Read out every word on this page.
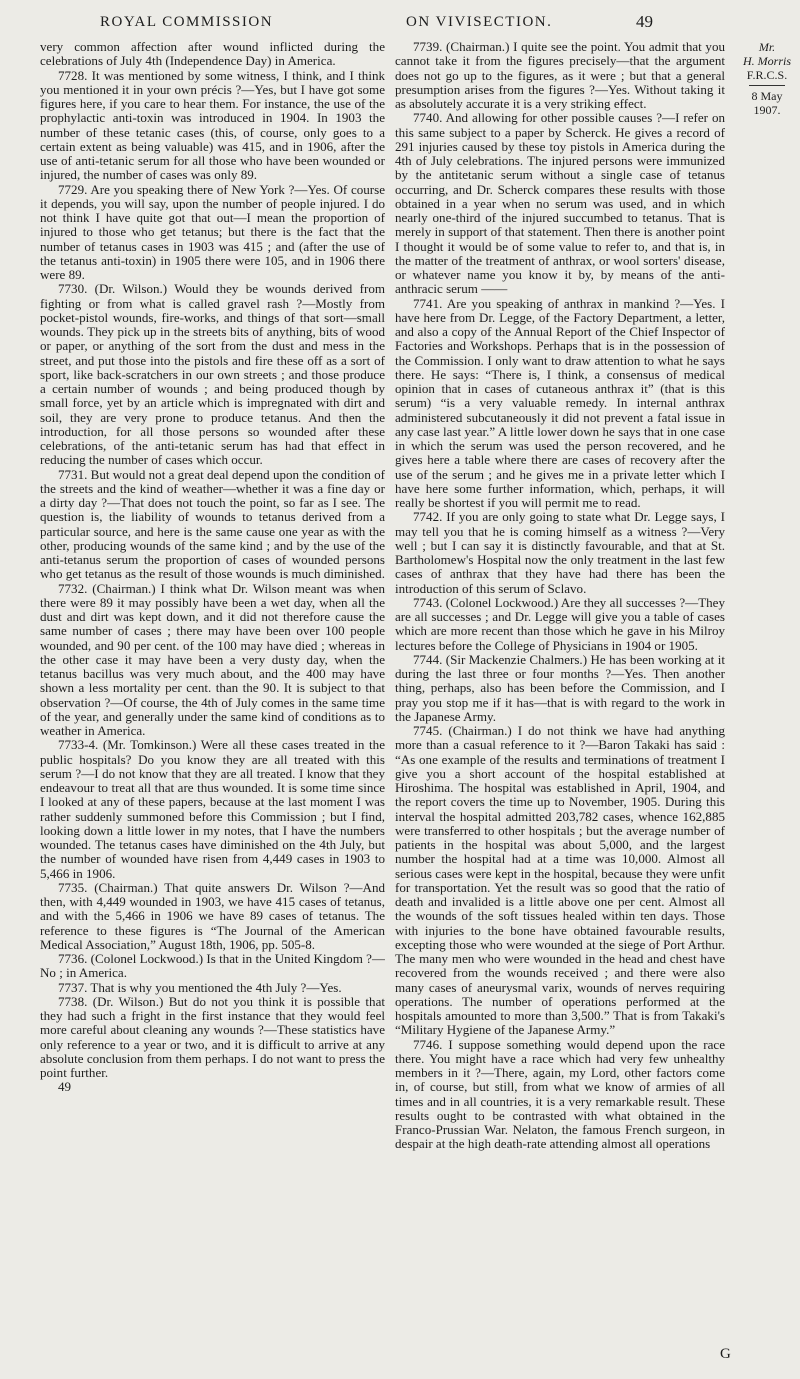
ROYAL COMMISSION	ON VIVISECTION.	49

very common affection after wound inflicted during the celebrations of July 4th (Independence Day) in America.

7728. It was mentioned by some witness, I think, and I think you mentioned it in your own précis ?—Yes, but I have got some figures here, if you care to hear them. For instance, the use of the prophylactic anti-toxin was introduced in 1904. In 1903 the number of these tetanic cases (this, of course, only goes to a certain extent as being valuable) was 415, and in 1906, after the use of anti-tetanic serum for all those who have been wounded or injured, the number of cases was only 89.

7729. Are you speaking there of New York ?—Yes. Of course it depends, you will say, upon the number of people injured. I do not think I have quite got that out—I mean the proportion of injured to those who get tetanus; but there is the fact that the number of tetanus cases in 1903 was 415 ; and (after the use of the tetanus anti-toxin) in 1905 there were 105, and in 1906 there were 89.

7730. (Dr. Wilson.) Would they be wounds derived from fighting or from what is called gravel rash ?—Mostly from pocket-pistol wounds, fire-works, and things of that sort—small wounds. They pick up in the streets bits of anything, bits of wood or paper, or anything of the sort from the dust and mess in the street, and put those into the pistols and fire these off as a sort of sport, like back-scratchers in our own streets ; and those produce a certain number of wounds ; and being produced though by small force, yet by an article which is impregnated with dirt and soil, they are very prone to produce tetanus. And then the introduction, for all those persons so wounded after these celebrations, of the anti-tetanic serum has had that effect in reducing the number of cases which occur.

7731. But would not a great deal depend upon the condition of the streets and the kind of weather—whether it was a fine day or a dirty day ?—That does not touch the point, so far as I see. The question is, the liability of wounds to tetanus derived from a particular source, and here is the same cause one year as with the other, producing wounds of the same kind ; and by the use of the anti-tetanus serum the proportion of cases of wounded persons who get tetanus as the result of those wounds is much diminished.

7732. (Chairman.) I think what Dr. Wilson meant was when there were 89 it may possibly have been a wet day, when all the dust and dirt was kept down, and it did not therefore cause the same number of cases ; there may have been over 100 people wounded, and 90 per cent. of the 100 may have died ; whereas in the other case it may have been a very dusty day, when the tetanus bacillus was very much about, and the 400 may have shown a less mortality per cent. than the 90. It is subject to that observation ?—Of course, the 4th of July comes in the same time of the year, and generally under the same kind of conditions as to weather in America.

7733-4. (Mr. Tomkinson.) Were all these cases treated in the public hospitals? Do you know they are all treated with this serum ?—I do not know that they are all treated. I know that they endeavour to treat all that are thus wounded. It is some time since I looked at any of these papers, because at the last moment I was rather suddenly summoned before this Commission ; but I find, looking down a little lower in my notes, that I have the numbers wounded. The tetanus cases have diminished on the 4th July, but the number of wounded have risen from 4,449 cases in 1903 to 5,466 in 1906.

7735. (Chairman.) That quite answers Dr. Wilson ?—And then, with 4,449 wounded in 1903, we have 415 cases of tetanus, and with the 5,466 in 1906 we have 89 cases of tetanus. The reference to these figures is “The Journal of the American Medical Association,” August 18th, 1906, pp. 505-8.

7736. (Colonel Lockwood.) Is that in the United Kingdom ?—No ; in America.

7737. That is why you mentioned the 4th July ?—Yes.

7738. (Dr. Wilson.) But do not you think it is possible that they had such a fright in the first instance that they would feel more careful about cleaning any wounds ?—These statistics have only reference to a year or two, and it is difficult to arrive at any absolute conclusion from them perhaps. I do not want to press the point further.

49

7739. (Chairman.) I quite see the point. You admit that you cannot take it from the figures precisely—that the argument does not go up to the figures, as it were ; but that a general presumption arises from the figures ?—Yes. Without taking it as absolutely accurate it is a very striking effect.

7740. And allowing for other possible causes ?—I refer on this same subject to a paper by Scherck. He gives a record of 291 injuries caused by these toy pistols in America during the 4th of July celebrations. The injured persons were immunized by the antitetanic serum without a single case of tetanus occurring, and Dr. Scherck compares these results with those obtained in a year when no serum was used, and in which nearly one-third of the injured succumbed to tetanus. That is merely in support of that statement. Then there is another point I thought it would be of some value to refer to, and that is, in the matter of the treatment of anthrax, or wool sorters' disease, or whatever name you know it by, by means of the anti-anthracic serum ——

7741. Are you speaking of anthrax in mankind ?—Yes. I have here from Dr. Legge, of the Factory Department, a letter, and also a copy of the Annual Report of the Chief Inspector of Factories and Workshops. Perhaps that is in the possession of the Commission. I only want to draw attention to what he says there. He says: “There is, I think, a consensus of medical opinion that in cases of cutaneous anthrax it” (that is this serum) “is a very valuable remedy. In internal anthrax administered subcutaneously it did not prevent a fatal issue in any case last year.” A little lower down he says that in one case in which the serum was used the person recovered, and he gives here a table where there are cases of recovery after the use of the serum ; and he gives me in a private letter which I have here some further information, which, perhaps, it will really be shortest if you will permit me to read.

7742. If you are only going to state what Dr. Legge says, I may tell you that he is coming himself as a witness ?—Very well ; but I can say it is distinctly favourable, and that at St. Bartholomew's Hospital now the only treatment in the last few cases of anthrax that they have had there has been the introduction of this serum of Sclavo.

7743. (Colonel Lockwood.) Are they all successes ?—They are all successes ; and Dr. Legge will give you a table of cases which are more recent than those which he gave in his Milroy lectures before the College of Physicians in 1904 or 1905.

7744. (Sir Mackenzie Chalmers.) He has been working at it during the last three or four months ?—Yes. Then another thing, perhaps, also has been before the Commission, and I pray you stop me if it has—that is with regard to the work in the Japanese Army.

7745. (Chairman.) I do not think we have had anything more than a casual reference to it ?—Baron Takaki has said : “As one example of the results and terminations of treatment I give you a short account of the hospital established at Hiroshima. The hospital was established in April, 1904, and the report covers the time up to November, 1905. During this interval the hospital admitted 203,782 cases, whence 162,885 were transferred to other hospitals ; but the average number of patients in the hospital was about 5,000, and the largest number the hospital had at a time was 10,000. Almost all serious cases were kept in the hospital, because they were unfit for transportation. Yet the result was so good that the ratio of death and invalided is a little above one per cent. Almost all the wounds of the soft tissues healed within ten days. Those with injuries to the bone have obtained favourable results, excepting those who were wounded at the siege of Port Arthur. The many men who were wounded in the head and chest have recovered from the wounds received ; and there were also many cases of aneurysmal varix, wounds of nerves requiring operations. The number of operations performed at the hospitals amounted to more than 3,500.” That is from Takaki's “Military Hygiene of the Japanese Army.”

7746. I suppose something would depend upon the race there. You might have a race which had very few unhealthy members in it ?—There, again, my Lord, other factors come in, of course, but still, from what we know of armies of all times and in all countries, it is a very remarkable result. These results ought to be contrasted with what obtained in the Franco-Prussian War. Nelaton, the famous French surgeon, in despair at the high death-rate attending almost all operations

Mr.
H. Morris
F.R.C.S.
8 May 1907.
G
